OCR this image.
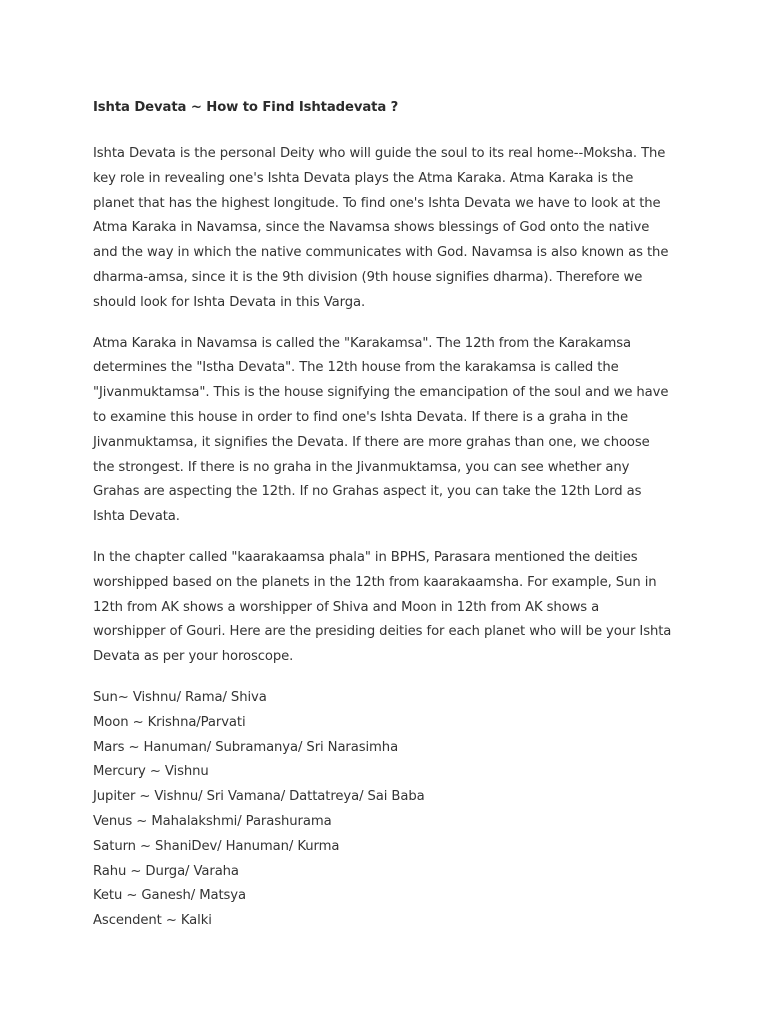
Ishta Devata ~ How to Find Ishtadevata ?

Ishta Devata is the personal Deity who will guide the soul to its real home--Moksha. The
key role in revealing one's Ishta Devata plays the Atma Karaka. Atma Karaka is the
planet that has the highest longitude. To find one's Ishta Devata we have to look at the
Atma Karaka in Navamsa, since the Navamsa shows blessings of God onto the native
and the way in which the native communicates with God. Navamsa is also known as the
dharma-amsa, since it is the 9th division (9th house signifies dharma). Therefore we
should look for Ishta Devata in this Varga.

Atma Karaka in Navamsa is called the "Karakamsa". The 12th from the Karakamsa
determines the "Istha Devata". The 12th house from the karakamsa is called the
"Jivanmuktamsa". This is the house signifying the emancipation of the soul and we have
to examine this house in order to find one's Ishta Devata. If there is a graha in the
Jivanmuktamsa, it signifies the Devata. If there are more grahas than one, we choose
the strongest. If there is no graha in the Jivanmuktamsa, you can see whether any
Grahas are aspecting the 12th. If no Grahas aspect it, you can take the 12th Lord as
Ishta Devata.

In the chapter called "kaarakaamsa phala" in BPHS, Parasara mentioned the deities
worshipped based on the planets in the 12th from kaarakaamsha. For example, Sun in
12th from AK shows a worshipper of Shiva and Moon in 12th from AK shows a
worshipper of Gouri. Here are the presiding deities for each planet who will be your Ishta
Devata as per your horoscope.

Sun~ Vishnu/ Rama/ Shiva
Moon ~ Krishna/Parvati
Mars ~ Hanuman/ Subramanya/ Sri Narasimha
Mercury ~ Vishnu
Jupiter ~ Vishnu/ Sri Vamana/ Dattatreya/ Sai Baba
Venus ~ Mahalakshmi/ Parashurama
Saturn ~ ShaniDev/ Hanuman/ Kurma
Rahu ~ Durga/ Varaha
Ketu ~ Ganesh/ Matsya
Ascendent ~ Kalki
